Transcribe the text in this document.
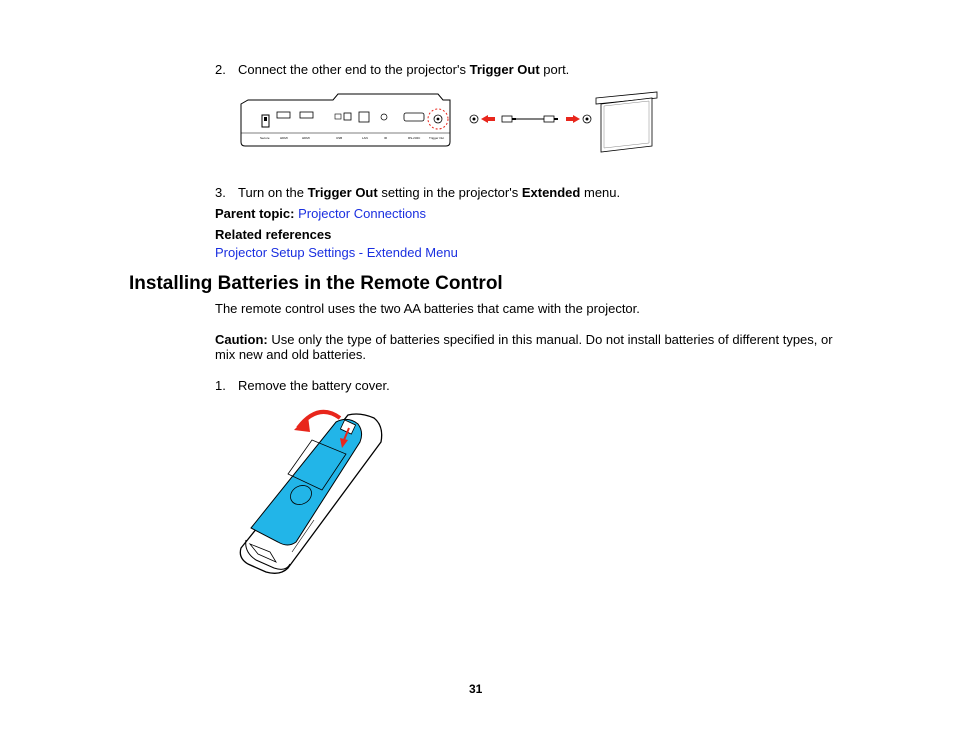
2. Connect the other end to the projector's Trigger Out port.
Secure	HDMI	HDMI	USB	LAN	IR	RS-232C	Trigger Out
3. Turn on the Trigger Out setting in the projector's Extended menu.
Parent topic: Projector Connections
Related references
Projector Setup Settings - Extended Menu
Installing Batteries in the Remote Control
The remote control uses the two AA batteries that came with the projector.
Caution: Use only the type of batteries specified in this manual. Do not install batteries of different types, or mix new and old batteries.
1. Remove the battery cover.
31
